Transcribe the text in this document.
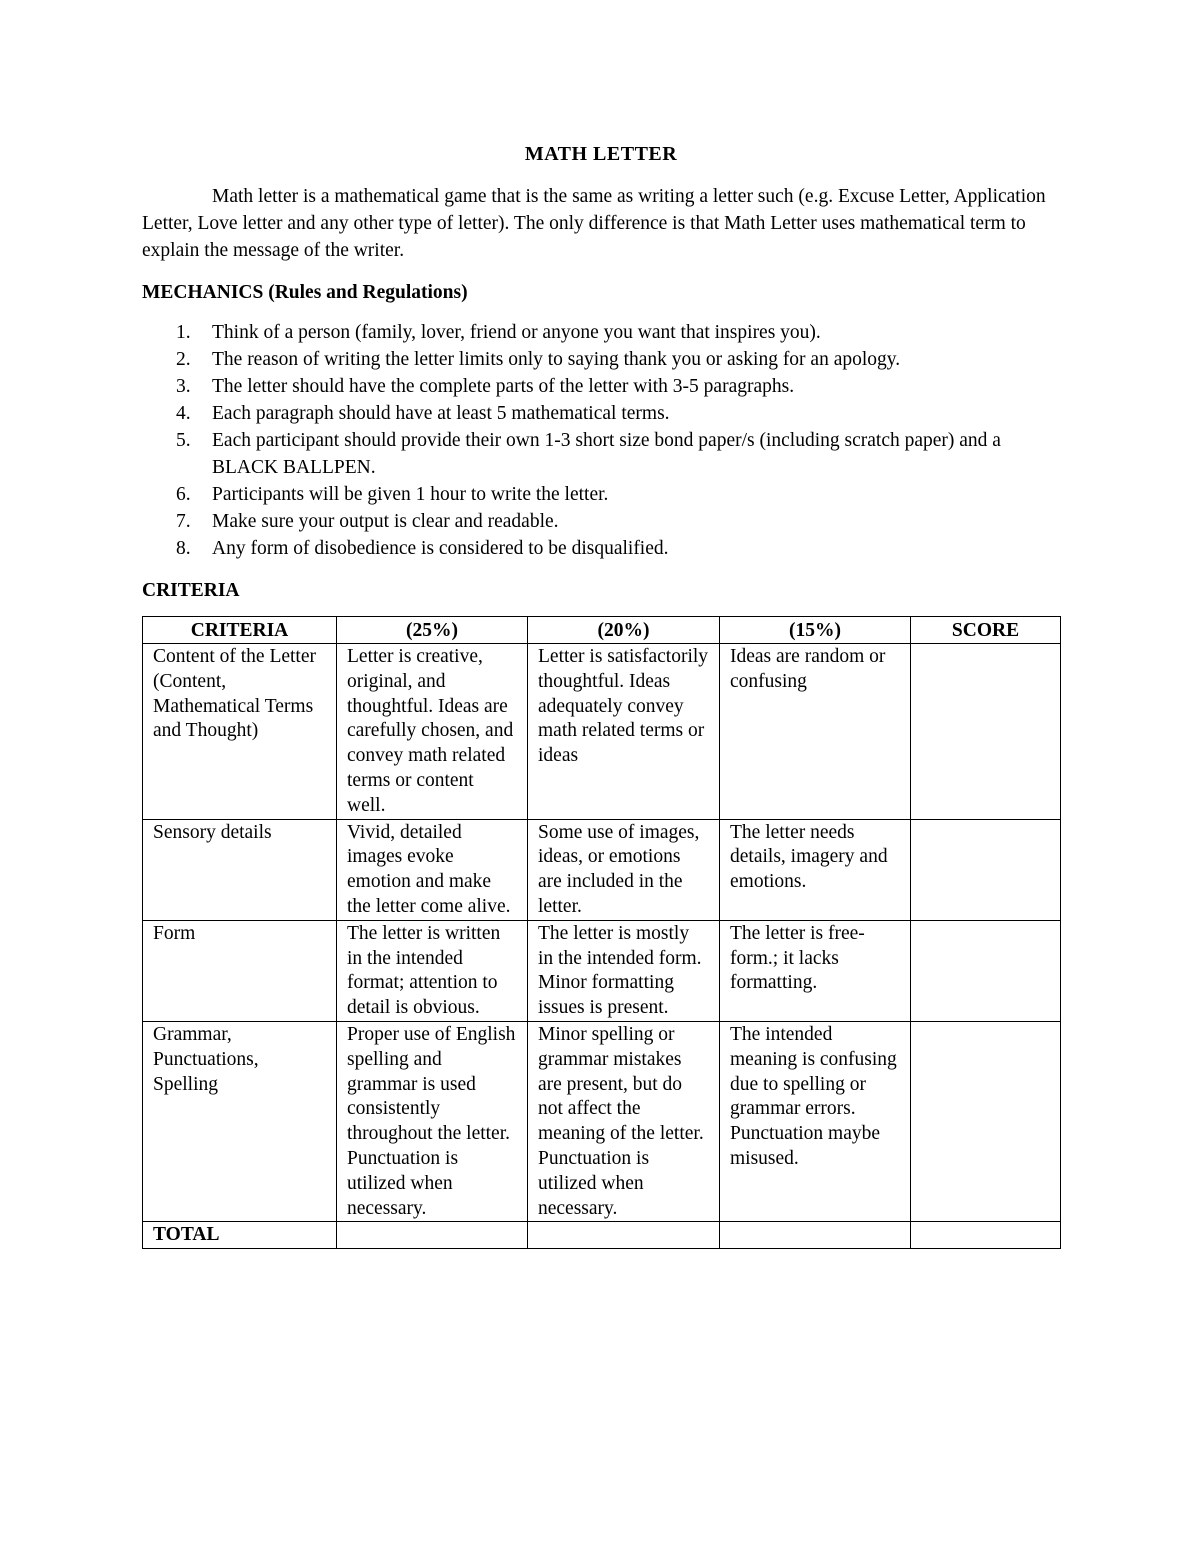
MATH LETTER

Math letter is a mathematical game that is the same as writing a letter such (e.g. Excuse Letter, Application Letter, Love letter and any other type of letter). The only difference is that Math Letter uses mathematical term to explain the message of the writer.

MECHANICS (Rules and Regulations)
1. Think of a person (family, lover, friend or anyone you want that inspires you).
2. The reason of writing the letter limits only to saying thank you or asking for an apology.
3. The letter should have the complete parts of the letter with 3-5 paragraphs.
4. Each paragraph should have at least 5 mathematical terms.
5. Each participant should provide their own 1-3 short size bond paper/s (including scratch paper) and a BLACK BALLPEN.
6. Participants will be given 1 hour to write the letter.
7. Make sure your output is clear and readable.
8. Any form of disobedience is considered to be disqualified.
CRITERIA
CRITERIA	(25%)	(20%)	(15%)	SCORE
Content of the Letter (Content, Mathematical Terms and Thought)	Letter is creative, original, and thoughtful. Ideas are carefully chosen, and convey math related terms or content well.	Letter is satisfactorily thoughtful. Ideas adequately convey math related terms or ideas	Ideas are random or confusing	
Sensory details	Vivid, detailed images evoke emotion and make the letter come alive.	Some use of images, ideas, or emotions are included in the letter.	The letter needs details, imagery and emotions.	
Form	The letter is written in the intended format; attention to detail is obvious.	The letter is mostly in the intended form. Minor formatting issues is present.	The letter is free-form.; it lacks formatting.	
Grammar, Punctuations, Spelling	Proper use of English spelling and grammar is used consistently throughout the letter. Punctuation is utilized when necessary.	Minor spelling or grammar mistakes are present, but do not affect the meaning of the letter. Punctuation is utilized when necessary.	The intended meaning is confusing due to spelling or grammar errors. Punctuation maybe misused.	
TOTAL				
